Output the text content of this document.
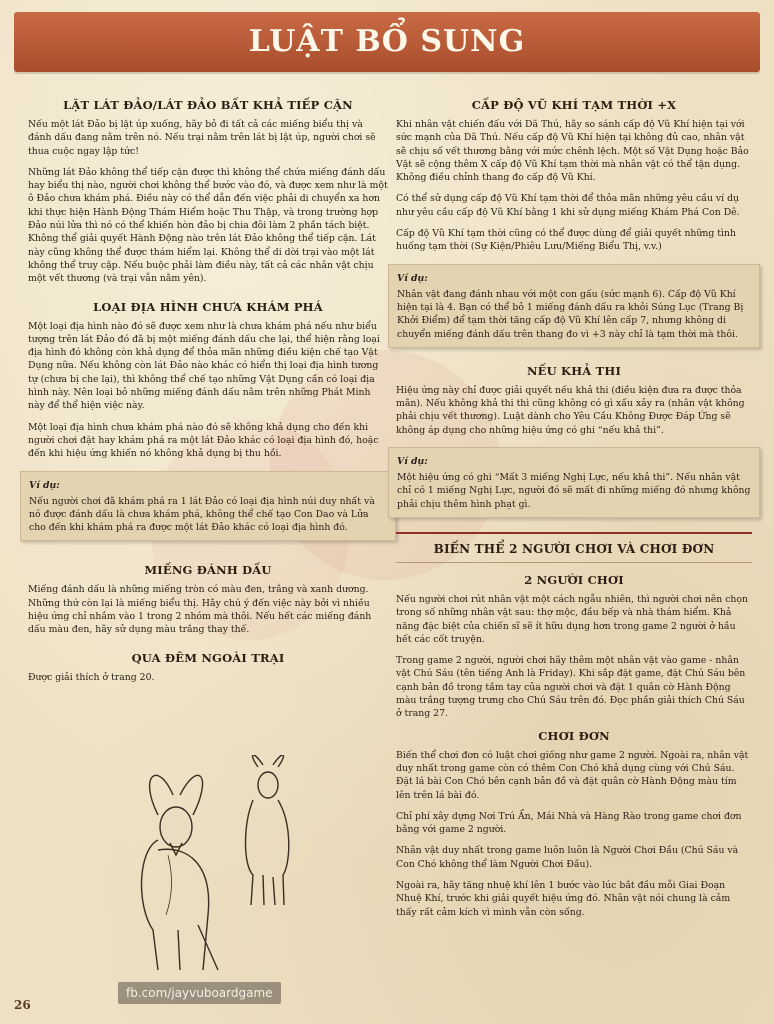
LUẬT BỔ SUNG
LẬT LÁT ĐẢO/LÁT ĐẢO BẤT KHẢ TIẾP CẬN

Nếu một lát Đảo bị lật úp xuống, hãy bỏ đi tất cả các miếng biểu thị và đánh dấu đang nằm trên nó. Nếu trại nằm trên lát bị lật úp, người chơi sẽ thua cuộc ngay lập tức!

Những lát Đảo không thể tiếp cận được thì không thể chứa miếng đánh dấu hay biểu thị nào, người chơi không thể bước vào đó, và được xem như là một ô Đảo chưa khám phá. Điều này có thể dẫn đến việc phải di chuyển xa hơn khi thực hiện Hành Động Thám Hiểm hoặc Thu Thập, và trong trường hợp Đảo núi lửa thì nó có thể khiến hòn đảo bị chia đôi làm 2 phần tách biệt. Không thể giải quyết Hành Động nào trên lát Đảo không thể tiếp cận. Lát này cũng không thể được thám hiểm lại. Không thể di dời trại vào một lát không thể truy cập. Nếu buộc phải làm điều này, tất cả các nhân vật chịu một vết thương (và trại vẫn nằm yên).

LOẠI ĐỊA HÌNH CHƯA KHÁM PHÁ

Một loại địa hình nào đó sẽ được xem như là chưa khám phá nếu như biểu tượng trên lát Đảo đó đã bị một miếng đánh dấu che lại, thể hiện rằng loại địa hình đó không còn khả dụng để thỏa mãn những điều kiện chế tạo Vật Dụng nữa. Nếu không còn lát Đảo nào khác có hiển thị loại địa hình tương tự (chưa bị che lại), thì không thể chế tạo những Vật Dụng cần có loại địa hình này. Nên loại bỏ những miếng đánh dấu nằm trên những Phát Minh này để thể hiện việc này.

Một loại địa hình chưa khám phá nào đó sẽ không khả dụng cho đến khi người chơi đặt hay khám phá ra một lát Đảo khác có loại địa hình đó, hoặc đến khi hiệu ứng khiến nó không khả dụng bị thu hồi.

Ví dụ:

Nếu người chơi đã khám phá ra 1 lát Đảo có loại địa hình núi duy nhất và nó được đánh dấu là chưa khám phá, không thể chế tạo Con Dao và Lửa cho đến khi khám phá ra được một lát Đảo khác có loại địa hình đó.

MIẾNG ĐÁNH DẤU

Miếng đánh dấu là những miếng tròn có màu đen, trắng và xanh dương. Những thứ còn lại là miếng biểu thị. Hãy chú ý đến việc này bởi vì nhiều hiệu ứng chỉ nhắm vào 1 trong 2 nhóm mà thôi. Nếu hết các miếng đánh dấu màu đen, hãy sử dụng màu trắng thay thế.

QUA ĐÊM NGOÀI TRẠI

Được giải thích ở trang 20.

CẤP ĐỘ VŨ KHÍ TẠM THỜI +X

Khi nhân vật chiến đấu với Dã Thú, hãy so sánh cấp độ Vũ Khí hiện tại với sức mạnh của Dã Thú. Nếu cấp độ Vũ Khí hiện tại không đủ cao, nhân vật sẽ chịu số vết thương bằng với mức chênh lệch. Một số Vật Dụng hoặc Bảo Vật sẽ cộng thêm X cấp độ Vũ Khí tạm thời mà nhân vật có thể tận dụng. Không điều chỉnh thang đo cấp độ Vũ Khí.

Có thể sử dụng cấp độ Vũ Khí tạm thời để thỏa mãn những yêu cầu ví dụ như yêu cầu cấp độ Vũ Khí bằng 1 khi sử dụng miếng Khám Phá Con Dê.

Cấp độ Vũ Khí tạm thời cũng có thể được dùng để giải quyết những tình huống tạm thời (Sự Kiện/Phiêu Lưu/Miếng Biểu Thị, v.v.)

Ví dụ:

Nhân vật đang đánh nhau với một con gấu (sức mạnh 6). Cấp độ Vũ Khí hiện tại là 4. Bạn có thể bỏ 1 miếng đánh dấu ra khỏi Súng Lục (Trang Bị Khởi Điểm) để tạm thời tăng cấp độ Vũ Khí lên cấp 7, nhưng không di chuyển miếng đánh dấu trên thang đo vì +3 này chỉ là tạm thời mà thôi.

NẾU KHẢ THI

Hiệu ứng này chỉ được giải quyết nếu khả thi (điều kiện đưa ra được thỏa mãn). Nếu không khả thi thì cũng không có gì xấu xảy ra (nhân vật không phải chịu vết thương). Luật dành cho Yêu Cầu Không Được Đáp Ứng sẽ không áp dụng cho những hiệu ứng có ghi “nếu khả thi”.

Ví dụ:

Một hiệu ứng có ghi “Mất 3 miếng Nghị Lực, nếu khả thi”. Nếu nhân vật chỉ có 1 miếng Nghị Lực, người đó sẽ mất đi những miếng đó nhưng không phải chịu thêm hình phạt gì.

BIẾN THỂ 2 NGƯỜI CHƠI VÀ CHƠI ĐƠN
2 NGƯỜI CHƠI

Nếu người chơi rút nhân vật một cách ngẫu nhiên, thì người chơi nên chọn trong số những nhân vật sau: thợ mộc, đầu bếp và nhà thám hiểm. Khả năng đặc biệt của chiến sĩ sẽ ít hữu dụng hơn trong game 2 người ở hầu hết các cốt truyện.

Trong game 2 người, người chơi hãy thêm một nhân vật vào game - nhân vật Chú Sáu (tên tiếng Anh là Friday). Khi sắp đặt game, đặt Chú Sáu bên cạnh bản đồ trong tầm tay của người chơi và đặt 1 quân cờ Hành Động màu trắng tượng trưng cho Chú Sáu trên đó. Đọc phần giải thích Chú Sáu ở trang 27.

CHƠI ĐƠN

Biến thể chơi đơn có luật chơi giống như game 2 người. Ngoài ra, nhân vật duy nhất trong game còn có thêm Con Chó khả dụng cùng với Chú Sáu. Đặt lá bài Con Chó bên cạnh bản đồ và đặt quân cờ Hành Động màu tím lên trên lá bài đó.

Chỉ phí xây dựng Nơi Trú Ẩn, Mái Nhà và Hàng Rào trong game chơi đơn bằng với game 2 người.

Nhân vật duy nhất trong game luôn luôn là Người Chơi Đầu (Chú Sáu và Con Chó không thể làm Người Chơi Đầu).

Ngoài ra, hãy tăng nhuệ khí lên 1 bước vào lúc bắt đầu mỗi Giai Đoạn Nhuệ Khí, trước khi giải quyết hiệu ứng đó. Nhân vật nói chung là cảm thấy rất cảm kích vì mình vẫn còn sống.

fb.com/jayvuboardgame
26
